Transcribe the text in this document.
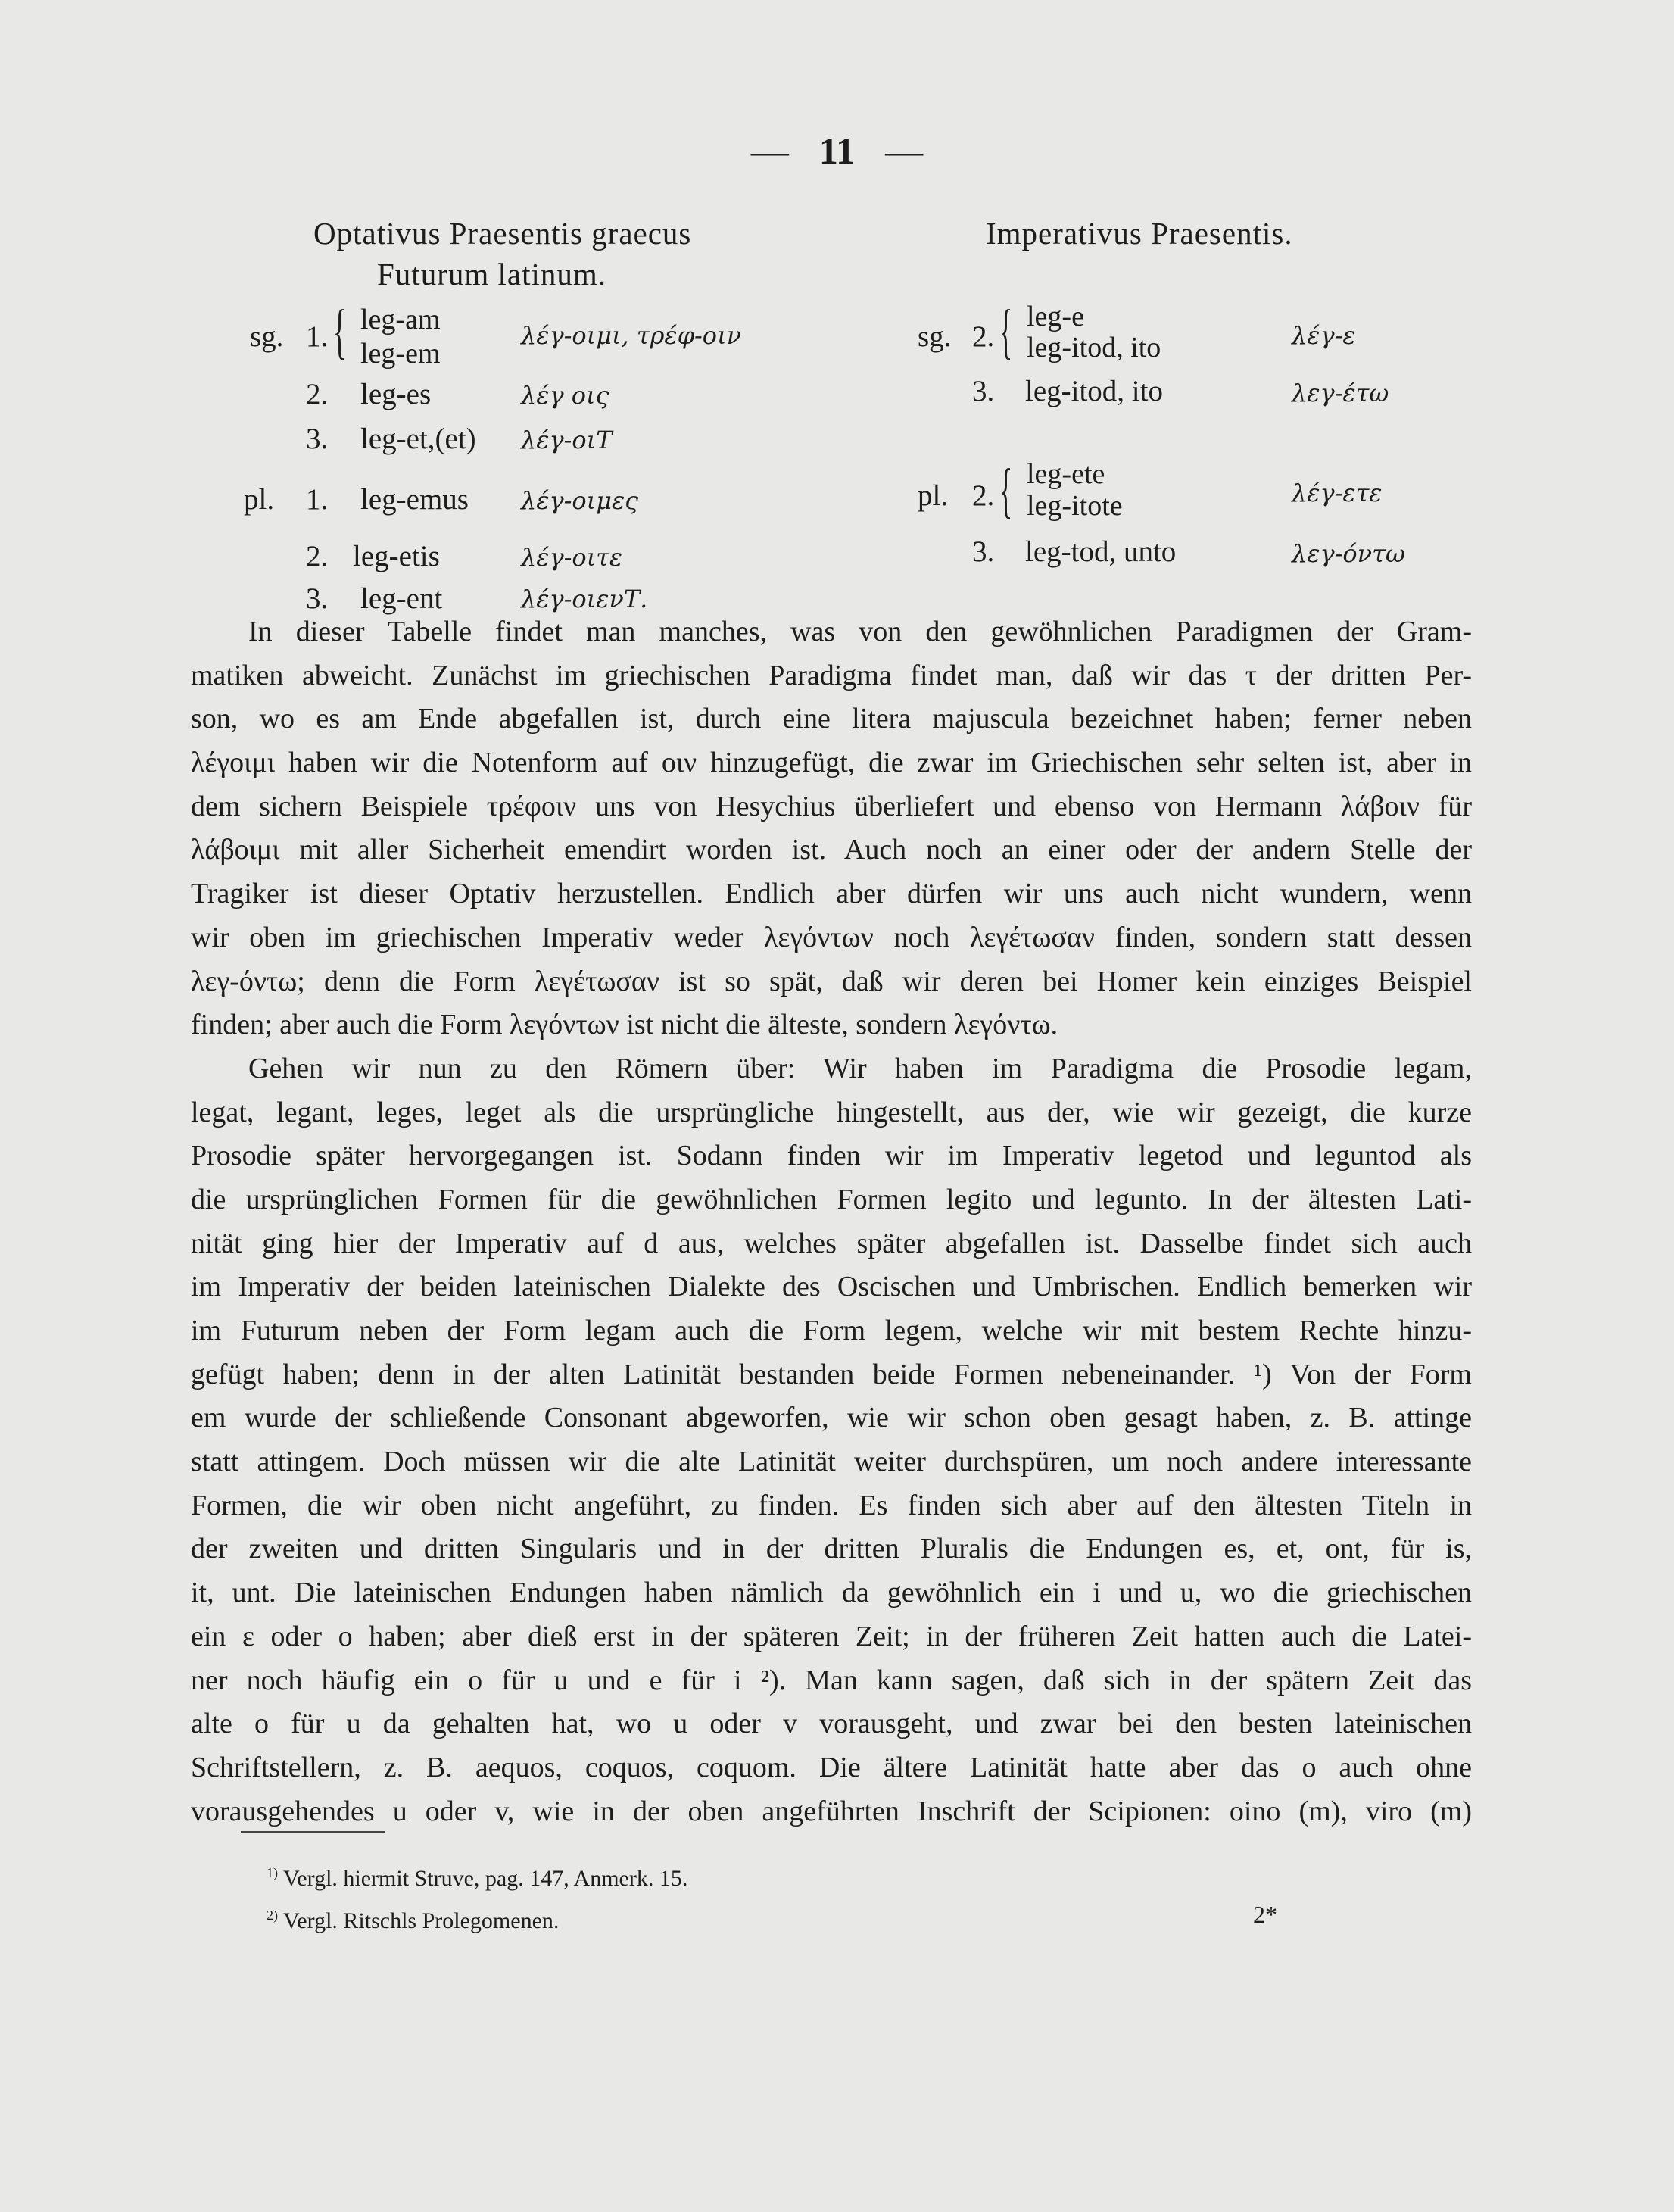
— 11 —
Optativus Praesentis graecus
Futurum latinum.
sg. 1. { leg-am
leg-em
λέγ-οιμι, τρέφ-οιν
2. leg-es	λέγ οις
3. leg-et,(et) λέγ-οιΤ
pl. 1. leg-emus λέγ-οιμες
2. leg-etis	λέγ-οιτε
3. leg-ent	λέγ-οιενΤ.
Imperativus Praesentis.
sg. 2. { leg-e
leg-itod, ito	λέγ-ε
3. leg-itod, ito	λεγ-έτω
pl. 2. { leg-ete
leg-itote	λέγ-ετε
3. leg-tod, unto	λεγ-όντω
In dieser Tabelle findet man manches, was von den gewöhnlichen Paradigmen der Gram-
matiken abweicht. Zunächst im griechischen Paradigma findet man, daß wir das τ der dritten Per-
son, wo es am Ende abgefallen ist, durch eine litera majuscula bezeichnet haben; ferner neben
λέγοιμι haben wir die Notenform auf οιν hinzugefügt, die zwar im Griechischen sehr selten ist, aber in
dem sichern Beispiele τρέφοιν uns von Hesychius überliefert und ebenso von Hermann λάβοιν für
λάβοιμι mit aller Sicherheit emendirt worden ist. Auch noch an einer oder der andern Stelle der
Tragiker ist dieser Optativ herzustellen. Endlich aber dürfen wir uns auch nicht wundern, wenn
wir oben im griechischen Imperativ weder λεγόντων noch λεγέτωσαν finden, sondern statt dessen
λεγ-όντω; denn die Form λεγέτωσαν ist so spät, daß wir deren bei Homer kein einziges Beispiel
finden; aber auch die Form λεγόντων ist nicht die älteste, sondern λεγόντω.
Gehen wir nun zu den Römern über: Wir haben im Paradigma die Prosodie legam,
legat, legant, leges, leget als die ursprüngliche hingestellt, aus der, wie wir gezeigt, die kurze
Prosodie später hervorgegangen ist. Sodann finden wir im Imperativ legetod und leguntod als
die ursprünglichen Formen für die gewöhnlichen Formen legito und legunto. In der ältesten Lati-
nität ging hier der Imperativ auf d aus, welches später abgefallen ist. Dasselbe findet sich auch
im Imperativ der beiden lateinischen Dialekte des Oscischen und Umbrischen. Endlich bemerken wir
im Futurum neben der Form legam auch die Form legem, welche wir mit bestem Rechte hinzu-
gefügt haben; denn in der alten Latinität bestanden beide Formen nebeneinander. ¹) Von der Form
em wurde der schließende Consonant abgeworfen, wie wir schon oben gesagt haben, z. B. attinge
statt attingem. Doch müssen wir die alte Latinität weiter durchspüren, um noch andere interessante
Formen, die wir oben nicht angeführt, zu finden. Es finden sich aber auf den ältesten Titeln in
der zweiten und dritten Singularis und in der dritten Pluralis die Endungen es, et, ont, für is,
it, unt. Die lateinischen Endungen haben nämlich da gewöhnlich ein i und u, wo die griechischen
ein ε oder ο haben; aber dieß erst in der späteren Zeit; in der früheren Zeit hatten auch die Latei-
ner noch häufig ein o für u und e für i ²). Man kann sagen, daß sich in der spätern Zeit das
alte o für u da gehalten hat, wo u oder v vorausgeht, und zwar bei den besten lateinischen
Schriftstellern, z. B. aequos, coquos, coquom. Die ältere Latinität hatte aber das o auch ohne
vorausgehendes u oder v, wie in der oben angeführten Inschrift der Scipionen: oino (m), viro (m)
$^{1)}$ Vergl. hiermit Struve, pag. 147, Anmerk. 15.
$^{2)}$ Vergl. Ritschls Prolegomenen.	2*
